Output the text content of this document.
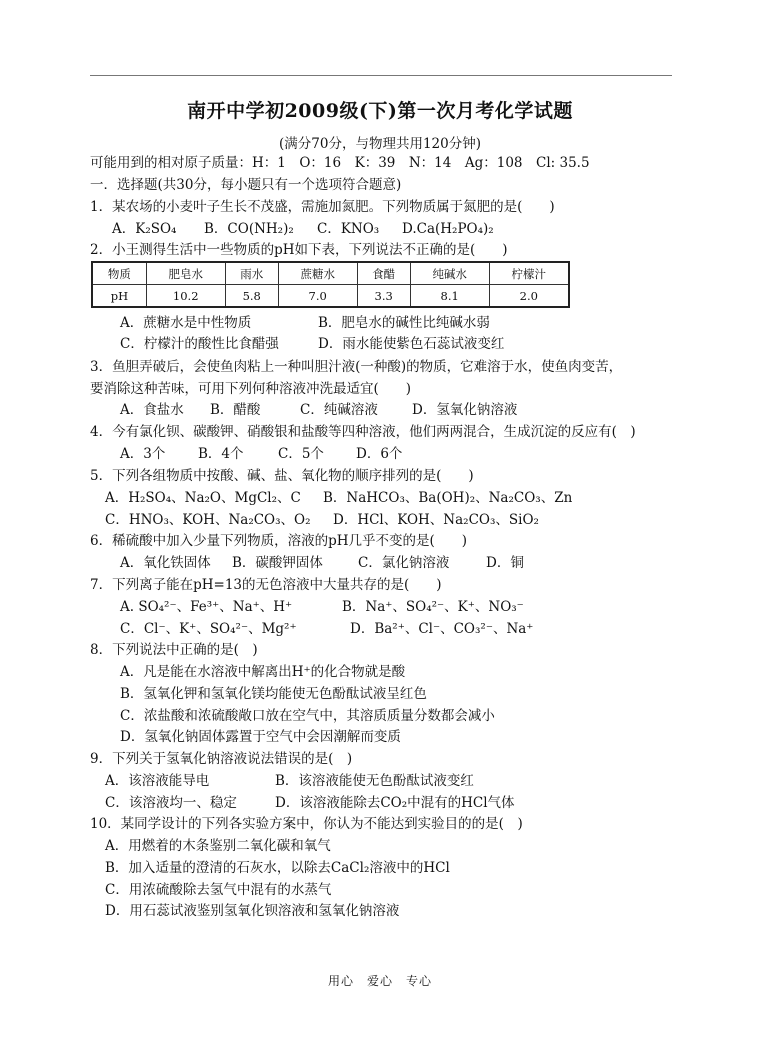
南开中学初2009级(下)第一次月考化学试题
(满分70分，与物理共用120分钟)
可能用到的相对原子质量：H：1　O：16　K：39　N：14　Ag：108　Cl: 35.5
一．选择题(共30分，每小题只有一个选项符合题意)
1．某农场的小麦叶子生长不茂盛，需施加氮肥。下列物质属于氮肥的是(　　)
A．K₂SO₄ B．CO(NH₂)₂ C．KNO₃ D.Ca(H₂PO₄)₂
2．小王测得生活中一些物质的pH如下表，下列说法不正确的是(　　)
物质	肥皂水	雨水	蔗糖水	食醋	纯碱水	柠檬汁
pH	10.2	5.8	7.0	3.3	8.1	2.0
A．蔗糖水是中性物质	B．肥皂水的碱性比纯碱水弱
C．柠檬汁的酸性比食醋强	D．雨水能使紫色石蕊试液变红
3．鱼胆弄破后，会使鱼肉粘上一种叫胆汁液(一种酸)的物质，它难溶于水，使鱼肉变苦，
要消除这种苦味，可用下列何种溶液冲洗最适宜(　　)
A．食盐水 B．醋酸	C．纯碱溶液	D．氢氧化钠溶液
4．今有氯化钡、碳酸钾、硝酸银和盐酸等四种溶液，他们两两混合，生成沉淀的反应有(　)
A．3个 B．4个	C．5个 D．6个
5．下列各组物质中按酸、碱、盐、氧化物的顺序排列的是(　　)
A．H₂SO₄、Na₂O、MgCl₂、C B．NaHCO₃、Ba(OH)₂、Na₂CO₃、Zn
C．HNO₃、KOH、Na₂CO₃、O₂ D．HCl、KOH、Na₂CO₃、SiO₂
6．稀硫酸中加入少量下列物质，溶液的pH几乎不变的是(　　)
A．氧化铁固体 B．碳酸钾固体	C．氯化钠溶液	D．铜
7．下列离子能在pH=13的无色溶液中大量共存的是(　　)
A. SO₄²⁻、Fe³⁺、Na⁺、H⁺	B．Na⁺、SO₄²⁻、K⁺、NO₃⁻
C．Cl⁻、K⁺、SO₄²⁻、Mg²⁺	D．Ba²⁺、Cl⁻、CO₃²⁻、Na⁺
8．下列说法中正确的是(　)
A．凡是能在水溶液中解离出H⁺的化合物就是酸
B．氢氧化钾和氢氧化镁均能使无色酚酞试液呈红色
C．浓盐酸和浓硫酸敞口放在空气中，其溶质质量分数都会减小
D．氢氧化钠固体露置于空气中会因潮解而变质
9．下列关于氢氧化钠溶液说法错误的是(　)
A．该溶液能导电	B．该溶液能使无色酚酞试液变红
C．该溶液均一、稳定	D．该溶液能除去CO₂中混有的HCl气体
10．某同学设计的下列各实验方案中，你认为不能达到实验目的的是(　)
A．用燃着的木条鉴别二氧化碳和氧气
B．加入适量的澄清的石灰水，以除去CaCl₂溶液中的HCl
C．用浓硫酸除去氢气中混有的水蒸气
D．用石蕊试液鉴别氢氧化钡溶液和氢氧化钠溶液
用心　爱心　专心
